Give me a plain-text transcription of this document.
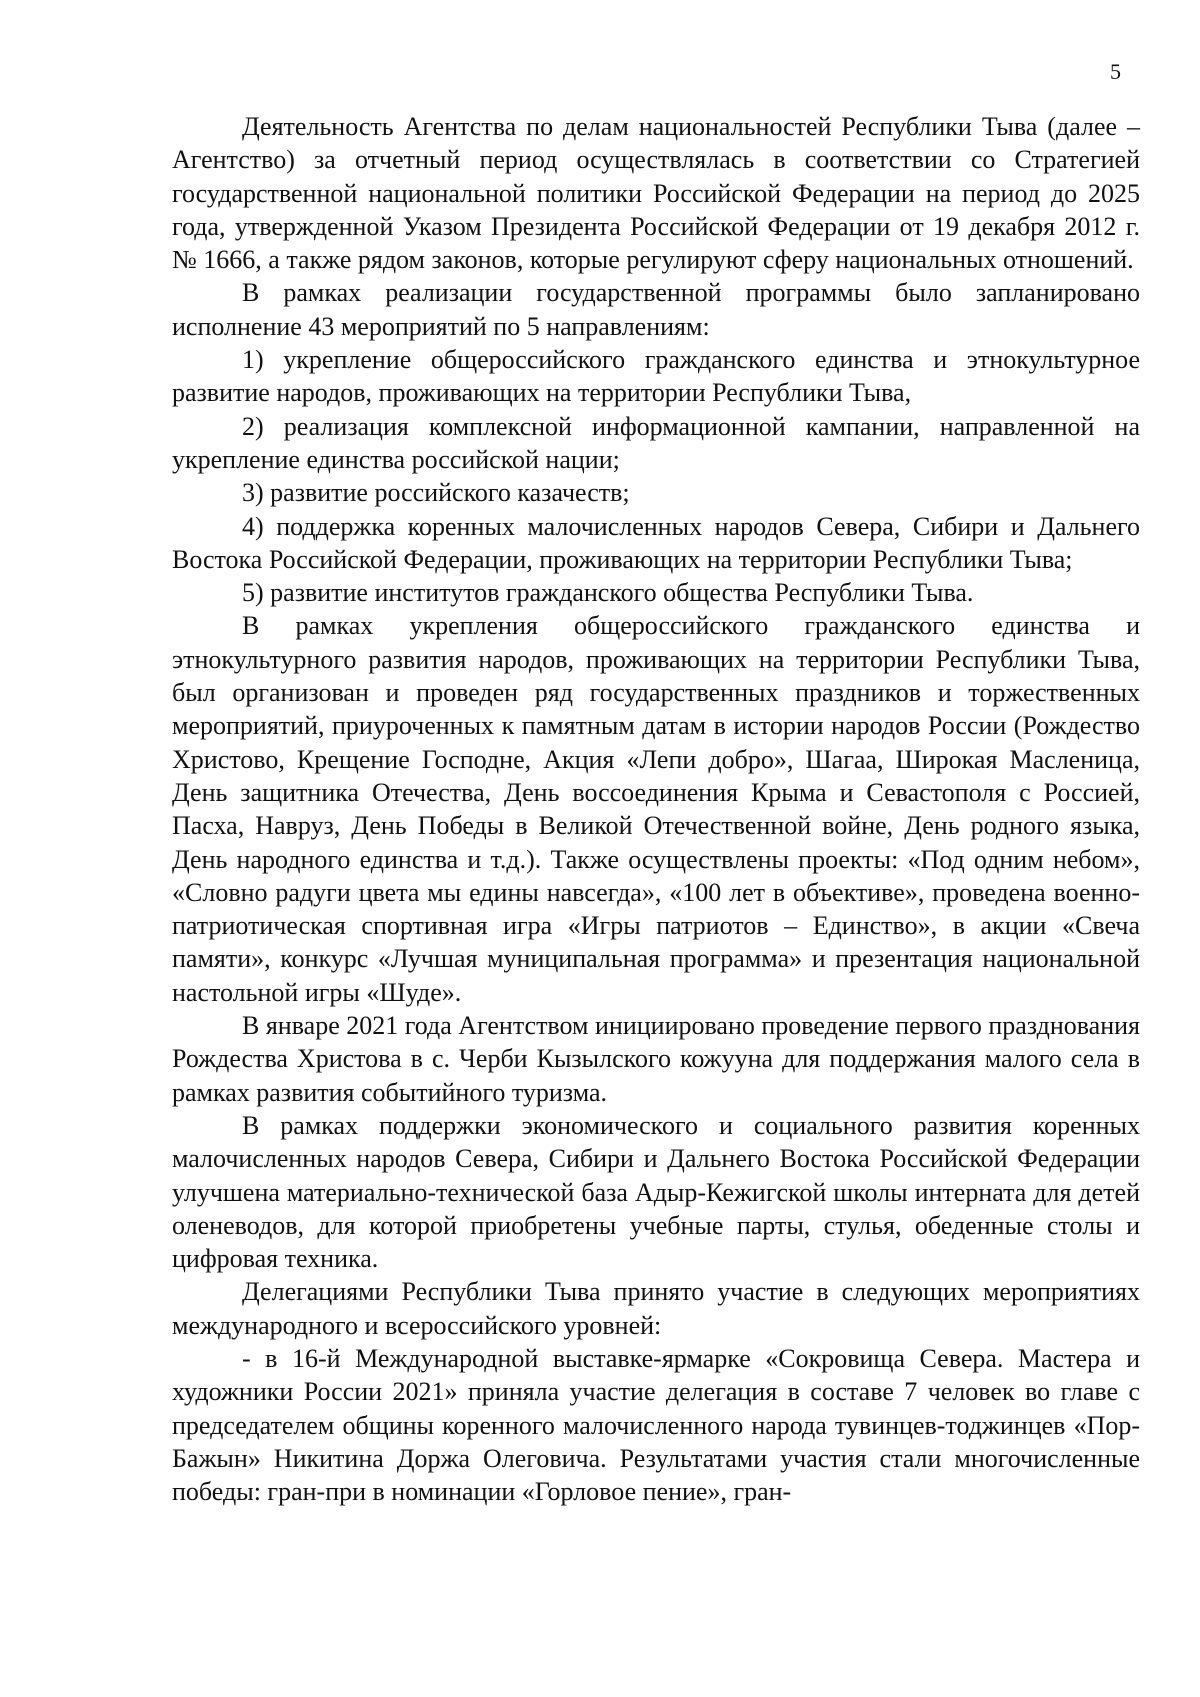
5

Деятельность Агентства по делам национальностей Республики Тыва (далее – Агентство) за отчетный период осуществлялась в соответствии со Стратегией государственной национальной политики Российской Федерации на период до 2025 года, утвержденной Указом Президента Российской Федерации от 19 декабря 2012 г. № 1666, а также рядом законов, которые регулируют сферу национальных отношений.

В рамках реализации государственной программы было запланировано исполнение 43 мероприятий по 5 направлениям:

1) укрепление общероссийского гражданского единства и этнокультурное развитие народов, проживающих на территории Республики Тыва,

2) реализация комплексной информационной кампании, направленной на укрепление единства российской нации;

3) развитие российского казачеств;

4) поддержка коренных малочисленных народов Севера, Сибири и Дальнего Востока Российской Федерации, проживающих на территории Республики Тыва;

5) развитие институтов гражданского общества Республики Тыва.

В рамках укрепления общероссийского гражданского единства и этнокультурного развития народов, проживающих на территории Республики Тыва, был организован и проведен ряд государственных праздников и торжественных мероприятий, приуроченных к памятным датам в истории народов России (Рождество Христово, Крещение Господне, Акция «Лепи добро», Шагаа, Широкая Масленица, День защитника Отечества, День воссоединения Крыма и Севастополя с Россией, Пасха, Навруз, День Победы в Великой Отечественной войне, День родного языка, День народного единства и т.д.). Также осуществлены проекты: «Под одним небом», «Словно радуги цвета мы едины навсегда», «100 лет в объективе», проведена военно-патриотическая спортивная игра «Игры патриотов – Единство», в акции «Свеча памяти», конкурс «Лучшая муниципальная программа» и презентация национальной настольной игры «Шуде».

В январе 2021 года Агентством инициировано проведение первого празднования Рождества Христова в с. Черби Кызылского кожууна для поддержания малого села в рамках развития событийного туризма.

В рамках поддержки экономического и социального развития коренных малочисленных народов Севера, Сибири и Дальнего Востока Российской Федерации улучшена материально-технической база Адыр-Кежигской школы интерната для детей оленеводов, для которой приобретены учебные парты, стулья, обеденные столы и цифровая техника.

Делегациями Республики Тыва принято участие в следующих мероприятиях международного и всероссийского уровней:

- в 16-й Международной выставке-ярмарке «Сокровища Севера. Мастера и художники России 2021» приняла участие делегация в составе 7 человек во главе с председателем общины коренного малочисленного народа тувинцев-тоджинцев «Пор-Бажын» Никитина Доржа Олеговича. Результатами участия стали многочисленные победы: гран-при в номинации «Горловое пение», гран-
